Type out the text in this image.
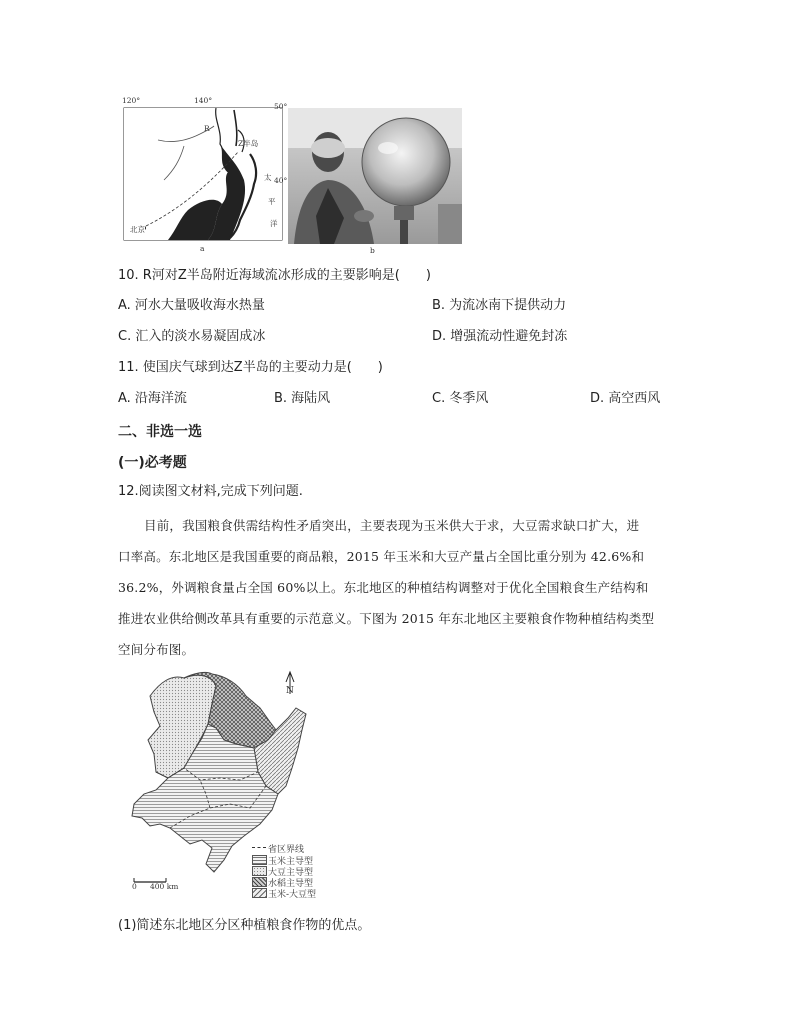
120°	140°
50°
40°
R
Z半岛
太
平
洋
北京
a	b
10. R河对Z半岛附近海域流冰形成的主要影响是(　　)
A. 河水大量吸收海水热量	B. 为流冰南下提供动力
C. 汇入的淡水易凝固成冰	D. 增强流动性避免封冻
11. 使国庆气球到达Z半岛的主要动力是(　　)
A. 沿海洋流	B. 海陆风	C. 冬季风	D. 高空西风
二、非选一选
(一)必考题
12.阅读图文材料,完成下列问题.
目前，我国粮食供需结构性矛盾突出，主要表现为玉米供大于求，大豆需求缺口扩大，进
口率高。东北地区是我国重要的商品粮，2015 年玉米和大豆产量占全国比重分别为 42.6%和
36.2%，外调粮食量占全国 60%以上。东北地区的种植结构调整对于优化全国粮食生产结构和
推进农业供给侧改革具有重要的示范意义。下图为 2015 年东北地区主要粮食作物种植结构类型
空间分布图。
N
0 400 km
省区界线
玉米主导型
大豆主导型
水稻主导型
玉米-大豆型
(1)简述东北地区分区种植粮食作物的优点。
